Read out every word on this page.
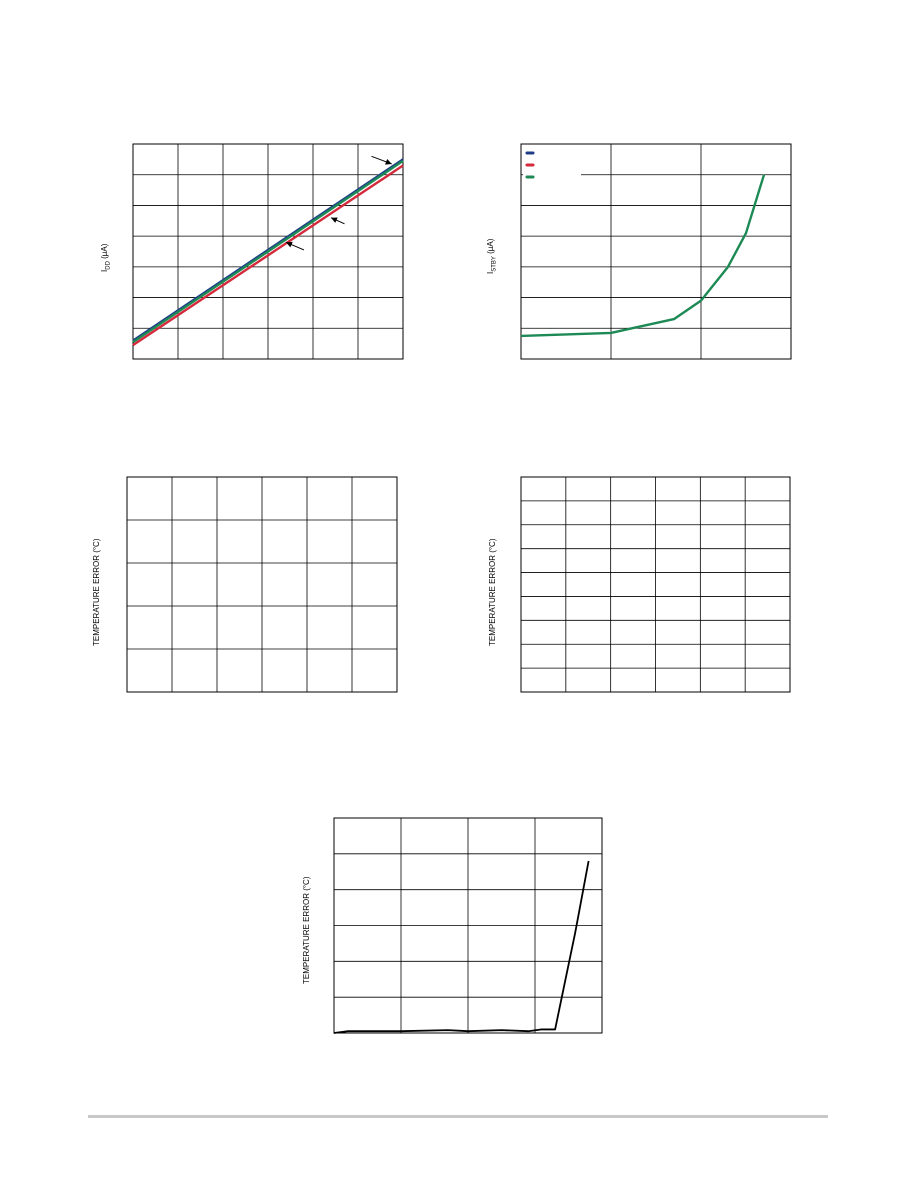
$I_{DD}$ (µA)
$I_{STBY}$ (µA)
TEMPERATURE ERROR (°C)	TEMPERATURE ERROR (°C)
TEMPERATURE ERROR (°C)
